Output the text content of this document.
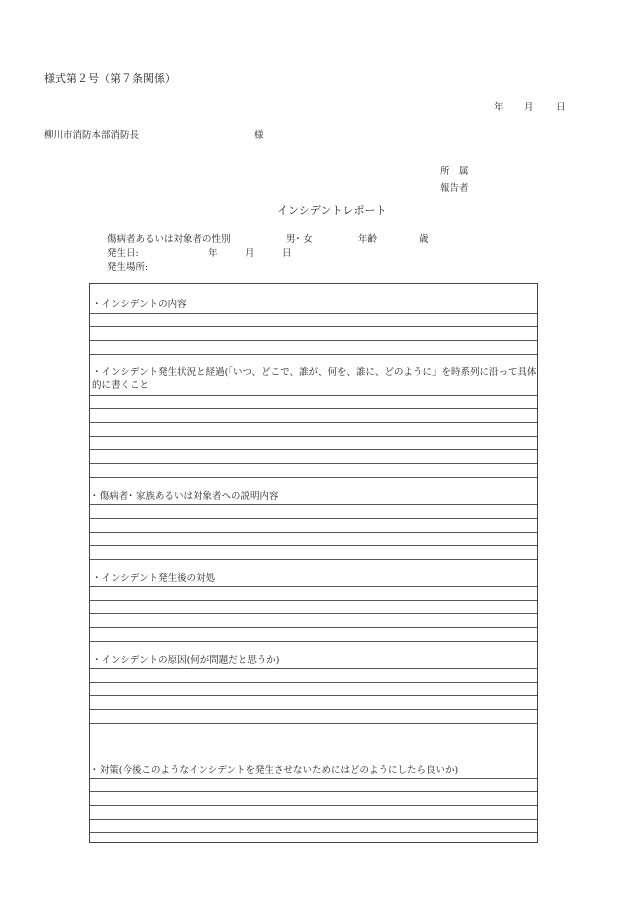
様式第２号（第７条関係）
年 月 日
柳川市消防本部消防長	様
所　属
報告者
インシデントレポート
傷病者あるいは対象者の性別	男･ 女	年齢	歳
発生日:	年	月	日
発生場所:
・インシデントの内容
・インシデント発生状況と経過(「いつ、どこで、誰が、何を、誰に、どのように」を時系列に沿って具体的に書くこと
･ 傷病者･ 家族あるいは対象者への説明内容
・インシデント発生後の対処
・インシデントの原因(何が問題だと思うか)
･ 対策(今後このようなインシデントを発生させないためにはどのようにしたら良いか)
